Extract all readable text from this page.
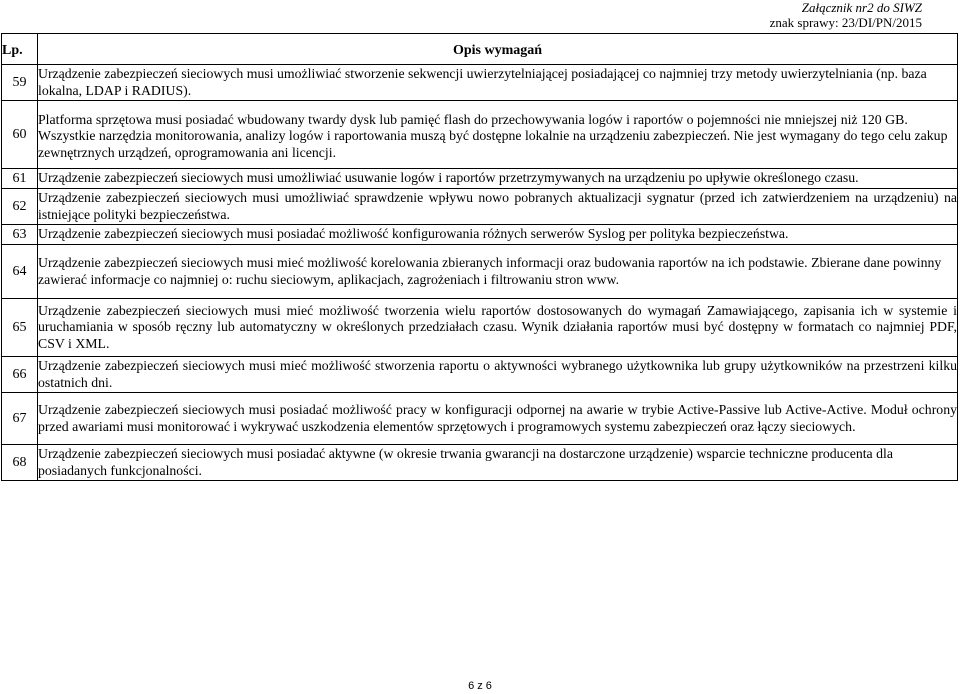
Załącznik nr2 do SIWZ
znak sprawy: 23/DI/PN/2015
Lp.	Opis wymagań
59	Urządzenie zabezpieczeń sieciowych musi umożliwiać stworzenie sekwencji uwierzytelniającej posiadającej co najmniej trzy metody uwierzytelniania (np. baza lokalna, LDAP i RADIUS).
60	Platforma sprzętowa musi posiadać wbudowany twardy dysk lub pamięć flash do przechowywania logów i raportów o pojemności nie mniejszej niż 120 GB. Wszystkie narzędzia monitorowania, analizy logów i raportowania muszą być dostępne lokalnie na urządzeniu zabezpieczeń. Nie jest wymagany do tego celu zakup zewnętrznych urządzeń, oprogramowania ani licencji.
61	Urządzenie zabezpieczeń sieciowych musi umożliwiać usuwanie logów i raportów przetrzymywanych na urządzeniu po upływie określonego czasu.
62	Urządzenie zabezpieczeń sieciowych musi umożliwiać sprawdzenie wpływu nowo pobranych aktualizacji sygnatur (przed ich zatwierdzeniem na urządzeniu) na istniejące polityki bezpieczeństwa.
63	Urządzenie zabezpieczeń sieciowych musi posiadać możliwość konfigurowania różnych serwerów Syslog per polityka bezpieczeństwa.
64	Urządzenie zabezpieczeń sieciowych musi mieć możliwość korelowania zbieranych informacji oraz budowania raportów na ich podstawie. Zbierane dane powinny zawierać informacje co najmniej o: ruchu sieciowym, aplikacjach, zagrożeniach i filtrowaniu stron www.
65	Urządzenie zabezpieczeń sieciowych musi mieć możliwość tworzenia wielu raportów dostosowanych do wymagań Zamawiającego, zapisania ich w systemie i uruchamiania w sposób ręczny lub automatyczny w określonych przedziałach czasu. Wynik działania raportów musi być dostępny w formatach co najmniej PDF, CSV i XML.
66	Urządzenie zabezpieczeń sieciowych musi mieć możliwość stworzenia raportu o aktywności wybranego użytkownika lub grupy użytkowników na przestrzeni kilku ostatnich dni.
67	Urządzenie zabezpieczeń sieciowych musi posiadać możliwość pracy w konfiguracji odpornej na awarie w trybie Active-Passive lub Active-Active. Moduł ochrony przed awariami musi monitorować i wykrywać uszkodzenia elementów sprzętowych i programowych systemu zabezpieczeń oraz łączy sieciowych.
68	Urządzenie zabezpieczeń sieciowych musi posiadać aktywne (w okresie trwania gwarancji na dostarczone urządzenie) wsparcie techniczne producenta dla posiadanych funkcjonalności.
6 z 6
